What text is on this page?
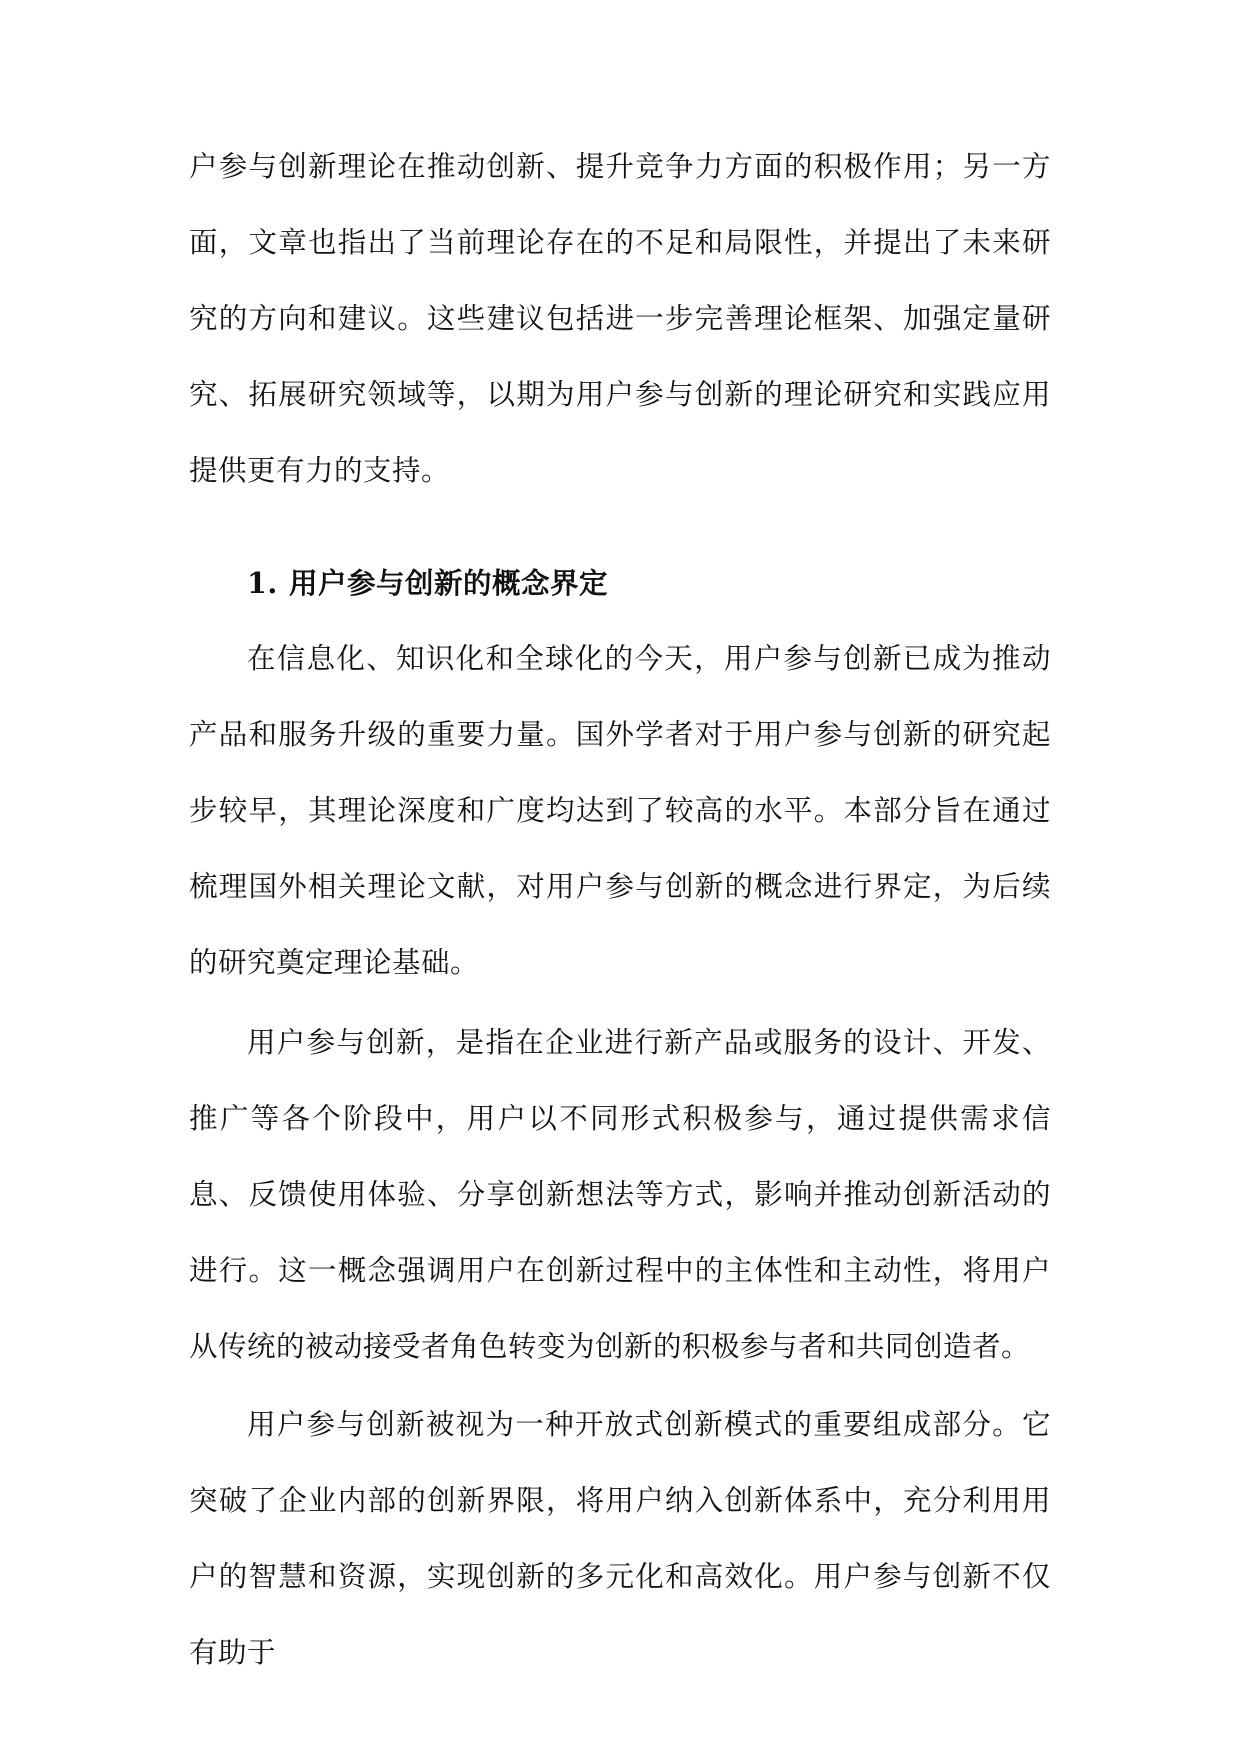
户参与创新理论在推动创新、提升竞争力方面的积极作用；另一方面，文章也指出了当前理论存在的不足和局限性，并提出了未来研究的方向和建议。这些建议包括进一步完善理论框架、加强定量研究、拓展研究领域等，以期为用户参与创新的理论研究和实践应用提供更有力的支持。

1. 用户参与创新的概念界定

在信息化、知识化和全球化的今天，用户参与创新已成为推动产品和服务升级的重要力量。国外学者对于用户参与创新的研究起步较早，其理论深度和广度均达到了较高的水平。本部分旨在通过梳理国外相关理论文献，对用户参与创新的概念进行界定，为后续的研究奠定理论基础。

用户参与创新，是指在企业进行新产品或服务的设计、开发、推广等各个阶段中，用户以不同形式积极参与，通过提供需求信息、反馈使用体验、分享创新想法等方式，影响并推动创新活动的进行。这一概念强调用户在创新过程中的主体性和主动性，将用户从传统的被动接受者角色转变为创新的积极参与者和共同创造者。

用户参与创新被视为一种开放式创新模式的重要组成部分。它突破了企业内部的创新界限，将用户纳入创新体系中，充分利用用户的智慧和资源，实现创新的多元化和高效化。用户参与创新不仅有助于
